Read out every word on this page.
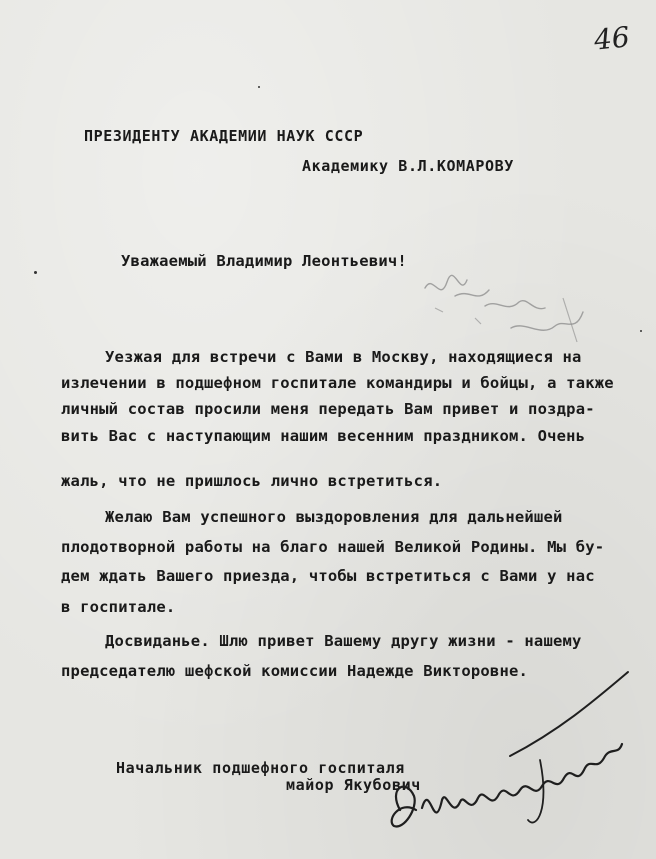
46
ПРЕЗИДЕНТУ АКАДЕМИИ НАУК СССР
Академику В.Л.КОМАРОВУ
Уважаемый Владимир Леонтьевич!
Уезжая для встречи с Вами в Москву, находящиеся на
излечении в подшефном госпитале командиры и бойцы, а также
личный состав просили меня передать Вам привет и поздра-
вить Вас с наступающим нашим весенним праздником. Очень
жаль, что не пришлось лично встретиться.
Желаю Вам успешного выздоровления для дальнейшей
плодотворной работы на благо нашей Великой Родины. Мы бу-
дем ждать Вашего приезда, чтобы встретиться с Вами у нас
в госпитале.
Досвиданье. Шлю привет Вашему другу жизни - нашему
председателю шефской комиссии Надежде Викторовне.
Начальник подшефного госпиталя
майор Якубович
